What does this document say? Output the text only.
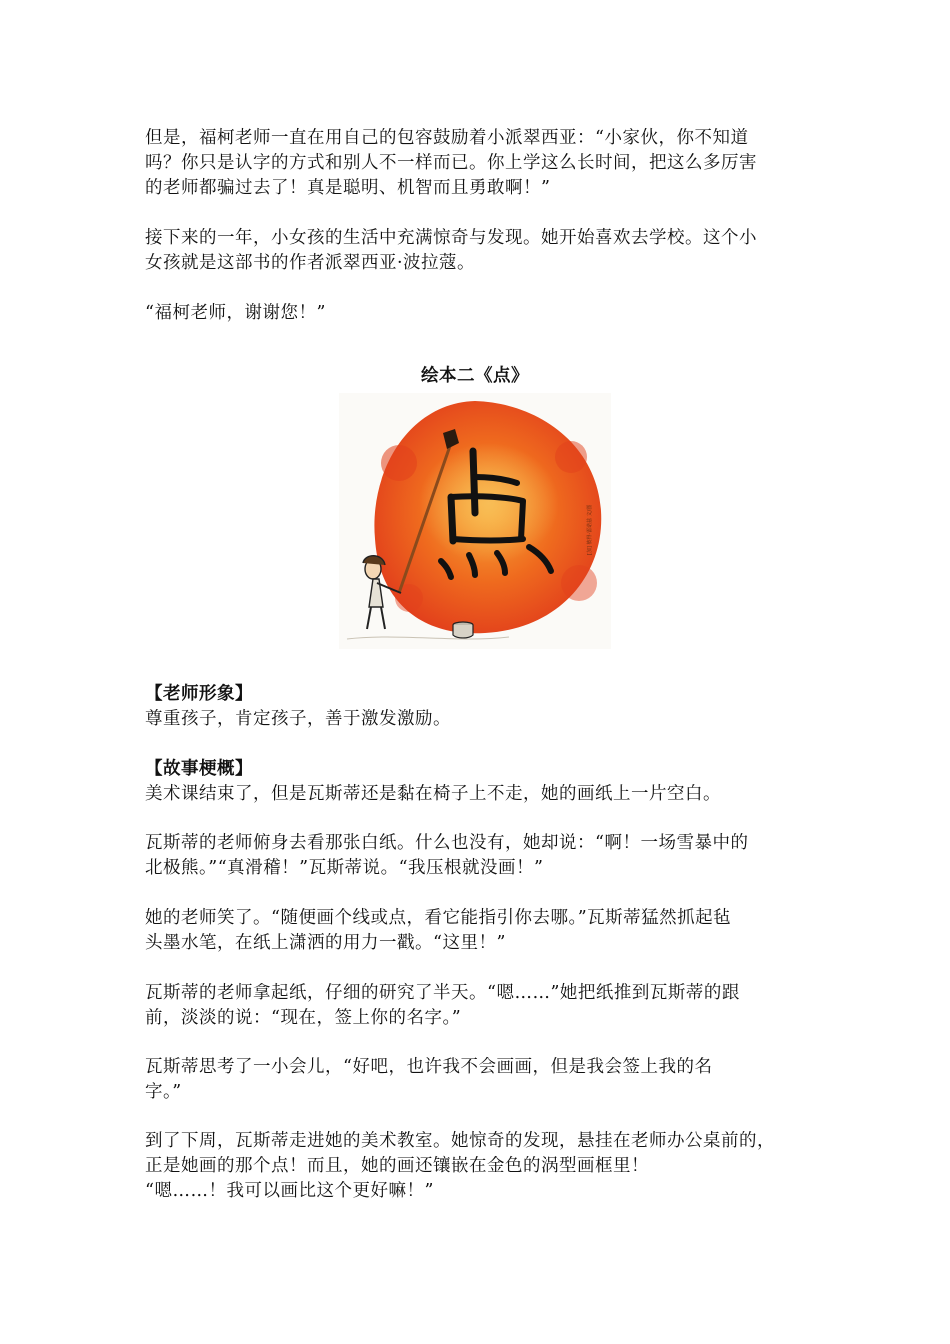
但是，福柯老师一直在用自己的包容鼓励着小派翠西亚：“小家伙，你不知道

吗？你只是认字的方式和别人不一样而已。你上学这么长时间，把这么多厉害

的老师都骗过去了！真是聪明、机智而且勇敢啊！”

接下来的一年，小女孩的生活中充满惊奇与发现。她开始喜欢去学校。这个小

女孩就是这部书的作者派翠西亚·波拉蔻。

“福柯老师，谢谢您！”

绘本二《点》
[加] 彼得·雷诺兹 文/图

【老师形象】

尊重孩子，肯定孩子，善于激发激励。

【故事梗概】

美术课结束了，但是瓦斯蒂还是黏在椅子上不走，她的画纸上一片空白。

瓦斯蒂的老师俯身去看那张白纸。什么也没有，她却说：“啊！一场雪暴中的

北极熊。”“真滑稽！”瓦斯蒂说。“我压根就没画！”

她的老师笑了。“随便画个线或点，看它能指引你去哪。”瓦斯蒂猛然抓起毡

头墨水笔，在纸上潇洒的用力一戳。“这里！”

瓦斯蒂的老师拿起纸，仔细的研究了半天。“嗯……”她把纸推到瓦斯蒂的跟

前，淡淡的说：“现在，签上你的名字。”

瓦斯蒂思考了一小会儿，“好吧，也许我不会画画，但是我会签上我的名

字。”

到了下周，瓦斯蒂走进她的美术教室。她惊奇的发现，悬挂在老师办公桌前的，

正是她画的那个点！而且，她的画还镶嵌在金色的涡型画框里！

“嗯……！我可以画比这个更好嘛！”
